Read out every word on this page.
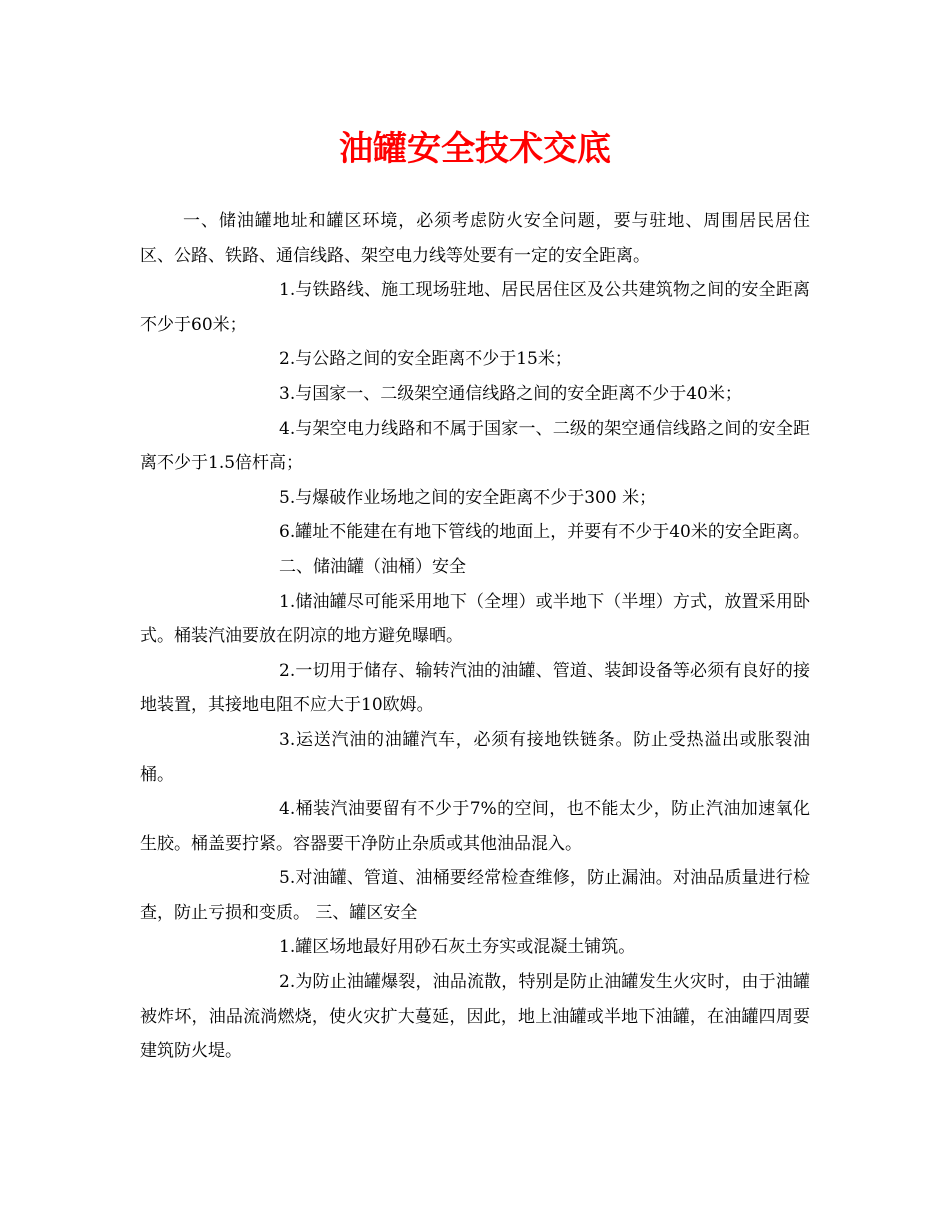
油罐安全技术交底

一、储油罐地址和罐区环境，必须考虑防火安全问题，要与驻地、周围居民居住区、公路、铁路、通信线路、架空电力线等处要有一定的安全距离。

1.与铁路线、施工现场驻地、居民居住区及公共建筑物之间的安全距离不少于60米；

2.与公路之间的安全距离不少于15米；

3.与国家一、二级架空通信线路之间的安全距离不少于40米；

4.与架空电力线路和不属于国家一、二级的架空通信线路之间的安全距离不少于1.5倍杆高；

5.与爆破作业场地之间的安全距离不少于300 米；

6.罐址不能建在有地下管线的地面上，并要有不少于40米的安全距离。

二、储油罐（油桶）安全

1.储油罐尽可能采用地下（全埋）或半地下（半埋）方式，放置采用卧式。桶装汽油要放在阴凉的地方避免曝晒。

2.一切用于储存、输转汽油的油罐、管道、装卸设备等必须有良好的接地装置，其接地电阻不应大于10欧姆。

3.运送汽油的油罐汽车，必须有接地铁链条。防止受热溢出或胀裂油桶。

4.桶装汽油要留有不少于7%的空间，也不能太少，防止汽油加速氧化生胶。桶盖要拧紧。容器要干净防止杂质或其他油品混入。

5.对油罐、管道、油桶要经常检查维修，防止漏油。对油品质量进行检查，防止亏损和变质。 三、罐区安全

1.罐区场地最好用砂石灰土夯实或混凝土铺筑。

2.为防止油罐爆裂，油品流散，特别是防止油罐发生火灾时，由于油罐被炸坏，油品流淌燃烧，使火灾扩大蔓延，因此，地上油罐或半地下油罐，在油罐四周要建筑防火堤。
